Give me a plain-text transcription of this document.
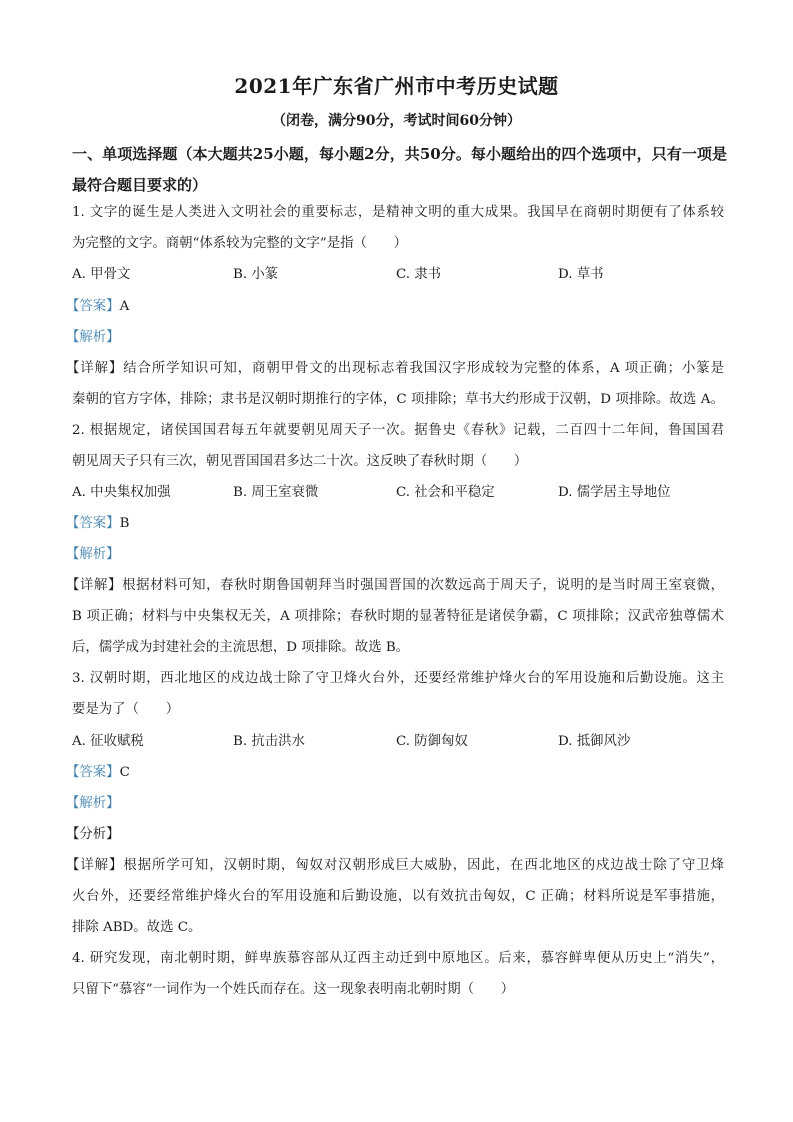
2021年广东省广州市中考历史试题
（闭卷，满分90分，考试时间60分钟）
一、单项选择题（本大题共25小题，每小题2分，共50分。每小题给出的四个选项中，只有一项是最符合题目要求的）
1. 文字的诞生是人类进入文明社会的重要标志，是精神文明的重大成果。我国早在商朝时期便有了体系较
为完整的文字。商朝“体系较为完整的文字”是指（　　）
A. 甲骨文	B. 小篆	C. 隶书	D. 草书
【答案】A
【解析】
【详解】结合所学知识可知，商朝甲骨文的出现标志着我国汉字形成较为完整的体系，A 项正确；小篆是
秦朝的官方字体，排除；隶书是汉朝时期推行的字体，C 项排除；草书大约形成于汉朝，D 项排除。故选 A。
2. 根据规定，诸侯国国君每五年就要朝见周天子一次。据鲁史《春秋》记载，二百四十二年间，鲁国国君
朝见周天子只有三次，朝见晋国国君多达二十次。这反映了春秋时期（　　）
A. 中央集权加强	B. 周王室衰微	C. 社会和平稳定	D. 儒学居主导地位
【答案】B
【解析】
【详解】根据材料可知，春秋时期鲁国朝拜当时强国晋国的次数远高于周天子，说明的是当时周王室衰微，
B 项正确；材料与中央集权无关，A 项排除；春秋时期的显著特征是诸侯争霸，C 项排除；汉武帝独尊儒术
后，儒学成为封建社会的主流思想，D 项排除。故选 B。
3. 汉朝时期，西北地区的戍边战士除了守卫烽火台外，还要经常维护烽火台的军用设施和后勤设施。这主
要是为了（　　）
A. 征收赋税	B. 抗击洪水	C. 防御匈奴	D. 抵御风沙
【答案】C
【解析】
【分析】
【详解】根据所学可知，汉朝时期，匈奴对汉朝形成巨大威胁，因此，在西北地区的戍边战士除了守卫烽
火台外，还要经常维护烽火台的军用设施和后勤设施，以有效抗击匈奴，C 正确；材料所说是军事措施，
排除 ABD。故选 C。
4. 研究发现，南北朝时期，鲜卑族慕容部从辽西主动迁到中原地区。后来，慕容鲜卑便从历史上“消失”，
只留下“慕容”一词作为一个姓氏而存在。这一现象表明南北朝时期（　　）
